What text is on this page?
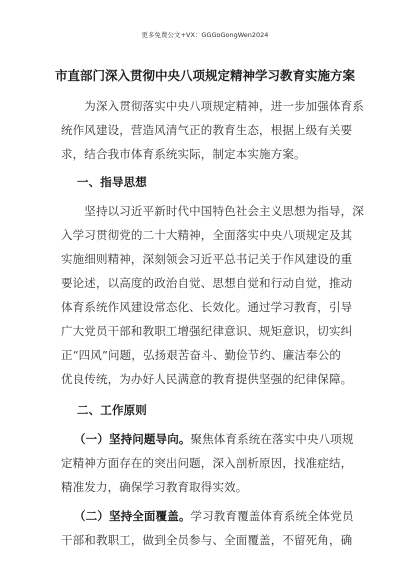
更多免费公文+VX：GGGoGongWen2024
市直部门深入贯彻中央八项规定精神学习教育实施方案
　　为深入贯彻落实中央八项规定精神，进一步加强体育系
统作风建设，营造风清气正的教育生态，根据上级有关要
求，结合我市体育系统实际，制定本实施方案。
一、指导思想
　　坚持以习近平新时代中国特色社会主义思想为指导，深
入学习贯彻党的二十大精神，全面落实中央八项规定及其
实施细则精神，深刻领会习近平总书记关于作风建设的重
要论述，以高度的政治自觉、思想自觉和行动自觉，推动
体育系统作风建设常态化、长效化。通过学习教育，引导
广大党员干部和教职工增强纪律意识、规矩意识，切实纠
正“四风”问题，弘扬艰苦奋斗、勤俭节约、廉洁奉公的
优良传统，为办好人民满意的教育提供坚强的纪律保障。
二、工作原则
（一）坚持问题导向。聚焦体育系统在落实中央八项规
定精神方面存在的突出问题，深入剖析原因，找准症结，
精准发力，确保学习教育取得实效。
（二）坚持全面覆盖。学习教育覆盖体育系统全体党员
干部和教职工，做到全员参与、全面覆盖，不留死角，确
